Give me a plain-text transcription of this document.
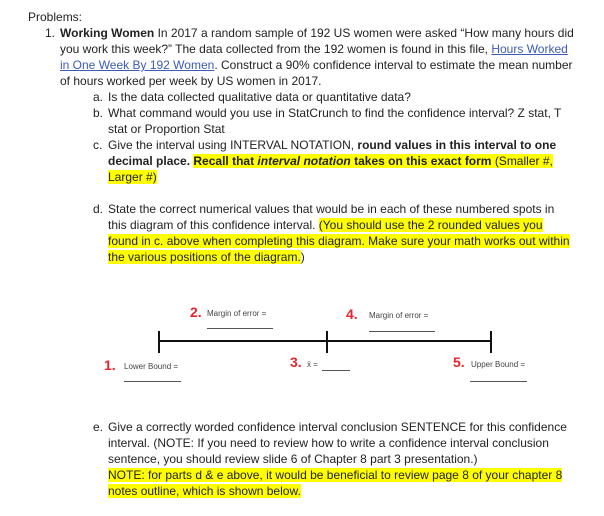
Problems:
1. Working Women In 2017 a random sample of 192 US women were asked “How many hours did you work this week?” The data collected from the 192 women is found in this file, Hours Worked in One Week By 192 Women. Construct a 90% confidence interval to estimate the mean number of hours worked per week by US women in 2017.
a. Is the data collected qualitative data or quantitative data?
b. What command would you use in StatCrunch to find the confidence interval? Z stat, T stat or Proportion Stat
c. Give the interval using INTERVAL NOTATION, round values in this interval to one decimal place. Recall that interval notation takes on this exact form (Smaller #, Larger #)
d. State the correct numerical values that would be in each of these numbered spots in this diagram of this confidence interval. (You should use the 2 rounded values you found in c. above when completing this diagram. Make sure your math works out within the various positions of the diagram.)
2. Margin of error =	4. Margin of error =
1. Lower Bound =	3. x̄ =	5. Upper Bound =
e. Give a correctly worded confidence interval conclusion SENTENCE for this confidence interval. (NOTE: If you need to review how to write a confidence interval conclusion sentence, you should review slide 6 of Chapter 8 part 3 presentation.)
NOTE: for parts d & e above, it would be beneficial to review page 8 of your chapter 8 notes outline, which is shown below.
